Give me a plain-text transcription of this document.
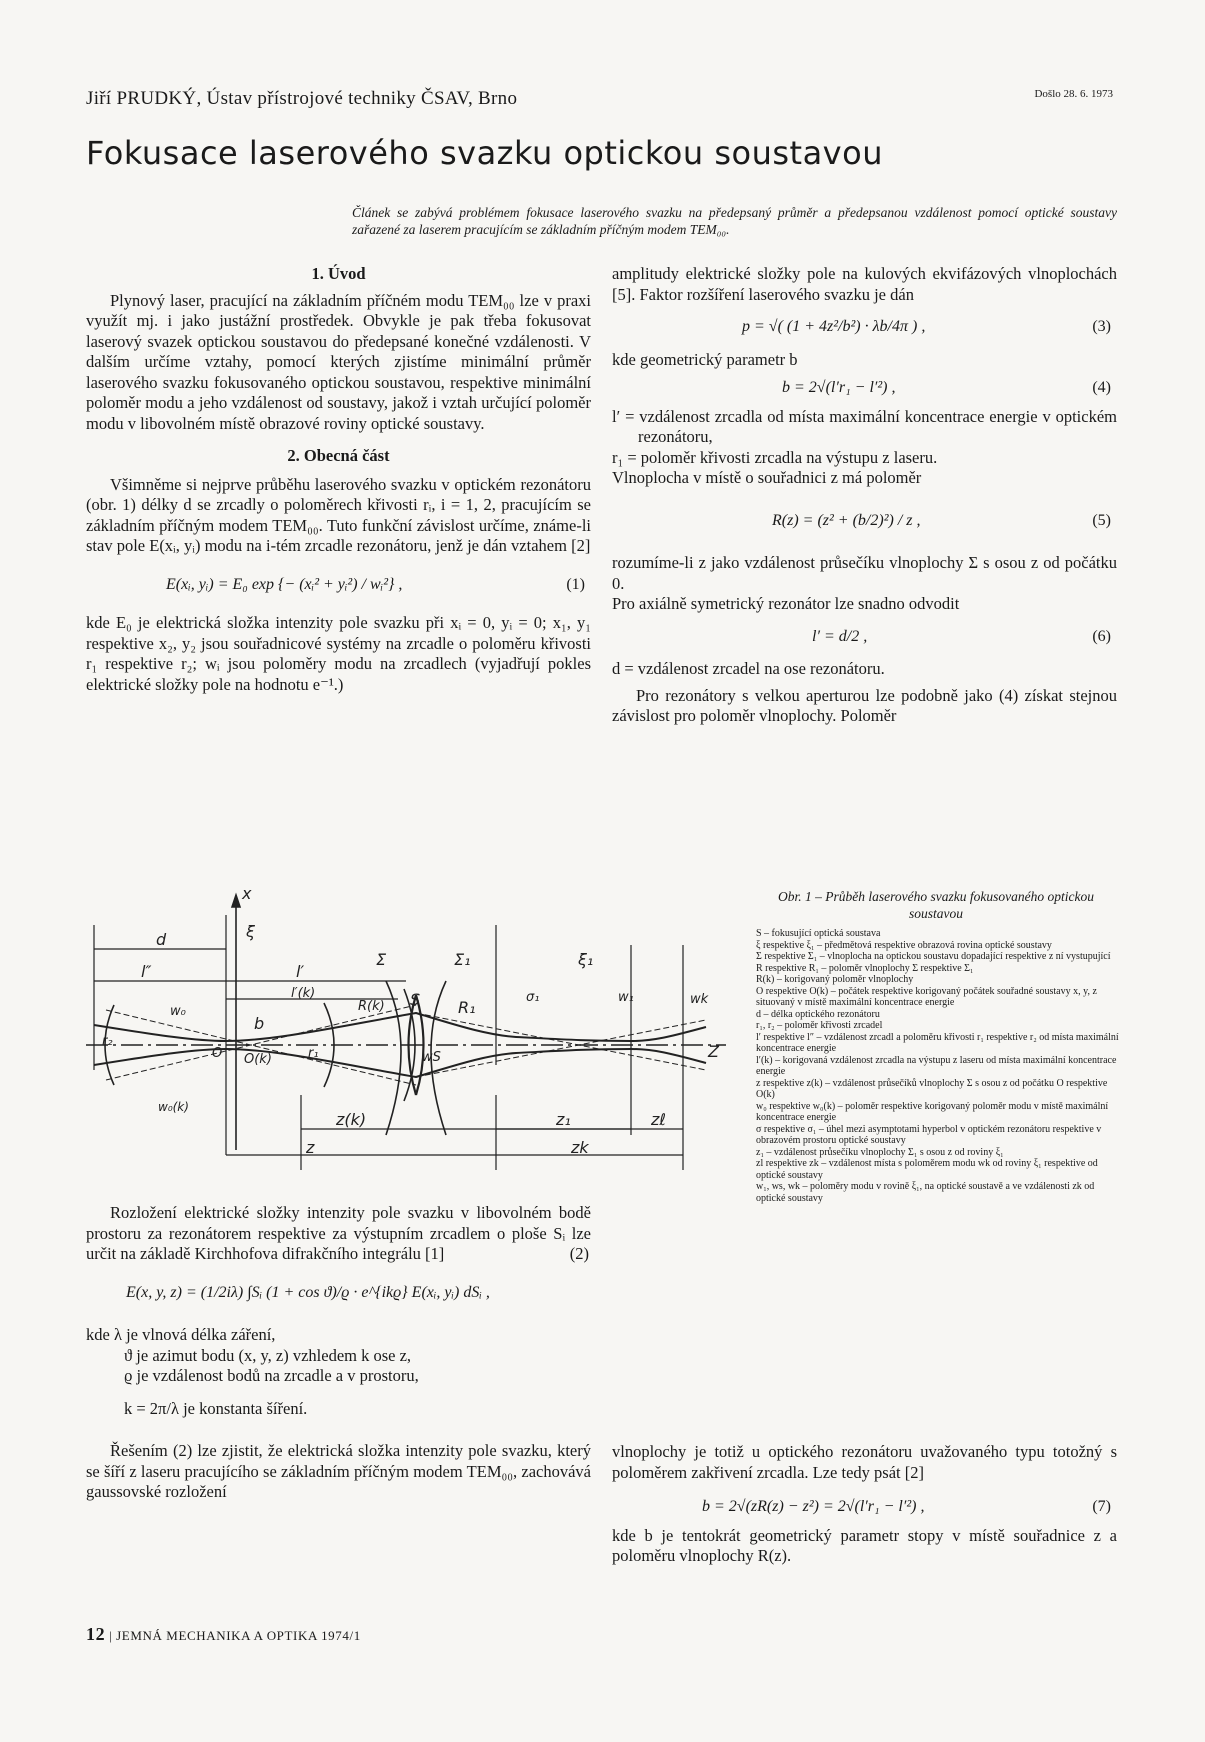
Jiří PRUDKÝ, Ústav přístrojové techniky ČSAV, Brno	Došlo 28. 6. 1973
Fokusace laserového svazku optickou soustavou
Článek se zabývá problémem fokusace laserového svazku na předepsaný průměr a předepsanou vzdálenost pomocí optické soustavy zařazené za laserem pracujícím se základním příčným modem TEM₀₀.

1. Úvod

Plynový laser, pracující na základním příčném modu TEM₀₀ lze v praxi využít mj. i jako justážní prostředek. Obvykle je pak třeba fokusovat laserový svazek optickou soustavou do předepsané konečné vzdálenosti. V dalším určíme vztahy, pomocí kterých zjistíme minimální průměr laserového svazku fokusovaného optickou soustavou, respektive minimální poloměr modu a jeho vzdálenost od soustavy, jakož i vztah určující poloměr modu v libovolném místě obrazové roviny optické soustavy.

2. Obecná část

Všimněme si nejprve průběhu laserového svazku v optickém rezonátoru (obr. 1) délky d se zrcadly o poloměrech křivosti rᵢ, i = 1, 2, pracujícím se základním příčným modem TEM₀₀. Tuto funkční závislost určíme, známe-li stav pole E(xᵢ, yᵢ) modu na i-tém zrcadle rezonátoru, jenž je dán vztahem [2]

E(xᵢ, yᵢ) = E₀ exp {− (xᵢ² + yᵢ²) / wᵢ²} ,	(1)

kde E₀ je elektrická složka intenzity pole svazku při xᵢ = 0, yᵢ = 0; x₁, y₁ respektive x₂, y₂ jsou souřadnicové systémy na zrcadle o poloměru křivosti r₁ respektive r₂; wᵢ jsou poloměry modu na zrcadlech (vyjadřují pokles elektrické složky pole na hodnotu e⁻¹.)

Rozložení elektrické složky intenzity pole svazku v libovolném bodě prostoru za rezonátorem respektive za výstupním zrcadlem o ploše Sᵢ lze určit na základě Kirchhofova difrakčního integrálu [1]	(2)
E(x, y, z) = (1/2iλ) ∫Sᵢ (1 + cos ϑ)/ϱ · e^{ikϱ} E(xᵢ, yᵢ) dSᵢ ,

kde λ je vlnová délka záření,

ϑ je azimut bodu (x, y, z) vzhledem k ose z,

ϱ je vzdálenost bodů na zrcadle a v prostoru,

k = 2π/λ je konstanta šíření.

Řešením (2) lze zjistit, že elektrická složka intenzity pole svazku, který se šíří z laseru pracujícího se základním příčným modem TEM₀₀, zachovává gaussovské rozložení

amplitudy elektrické složky pole na kulových ekvifázových vlnoplochách [5]. Faktor rozšíření laserového svazku je dán

p = √( (1 + 4z²/b²) · λb/4π ) ,	(3)

kde geometrický parametr b

b = 2√(l′r₁ − l′²) ,	(4)

l′ = vzdálenost zrcadla od místa maximální koncentrace energie v optickém rezonátoru,

r₁ = poloměr křivosti zrcadla na výstupu z laseru.

Vlnoplocha v místě o souřadnici z má poloměr

R(z) = (z² + (b/2)²) / z ,	(5)

rozumíme-li z jako vzdálenost průsečíku vlnoplochy Σ s osou z od počátku 0.

Pro axiálně symetrický rezonátor lze snadno odvodit

l′ = d/2 ,	(6)

d = vzdálenost zrcadel na ose rezonátoru.

Pro rezonátory s velkou aperturou lze podobně jako (4) získat stejnou závislost pro poloměr vlnoplochy. Poloměr

vlnoplochy je totiž u optického rezonátoru uvažovaného typu totožný s poloměrem zakřivení zrcadla. Lze tedy psát [2]

b = 2√(zR(z) − z²) = 2√(l′r₁ − l′²) ,	(7)

kde b je tentokrát geometrický parametr stopy v místě souřadnice z a poloměru vlnoplochy R(z).

d
l″
x
ξ
l′
l′(k)
Σ	Σ₁	ξ₁
R(k) S R₁
r₂
b
r₁
O O(k)
w₀
w₀(k)
wS
σ₁	w₁	wk
Z
z(k)	z₁	zℓ
z	zk
Obr. 1 – Průběh laserového svazku fokusovaného optickou soustavou
S – fokusující optická soustava
ξ respektive ξ₁ – předmětová respektive obrazová rovina optické soustavy
Σ respektive Σ₁ – vlnoplocha na optickou soustavu dopadající respektive z ní vystupující
R respektive R₁ – poloměr vlnoplochy Σ respektive Σ₁
R(k) – korigovaný poloměr vlnoplochy
O respektive O(k) – počátek respektive korigovaný počátek souřadné soustavy x, y, z situovaný v místě maximální koncentrace energie
d – délka optického rezonátoru
r₁, r₂ – poloměr křivosti zrcadel
l′ respektive l″ – vzdálenost zrcadl a poloměru křivosti r₁ respektive r₂ od místa maximální koncentrace energie
l′(k) – korigovaná vzdálenost zrcadla na výstupu z laseru od místa maximální koncentrace energie
z respektive z(k) – vzdálenost průsečíků vlnoplochy Σ s osou z od počátku O respektive O(k)
w₀ respektive w₀(k) – poloměr respektive korigovaný poloměr modu v místě maximální koncentrace energie
σ respektive σ₁ – úhel mezi asymptotami hyperbol v optickém rezonátoru respektive v obrazovém prostoru optické soustavy
z₁ – vzdálenost průsečíku vlnoplochy Σ₁ s osou z od roviny ξ₁
zl respektive zk – vzdálenost místa s poloměrem modu wk od roviny ξ₁ respektive od optické soustavy
w₁, ws, wk – poloměry modu v rovině ξ₁, na optické soustavě a ve vzdálenosti zk od optické soustavy
12 | JEMNÁ MECHANIKA A OPTIKA 1974/1
